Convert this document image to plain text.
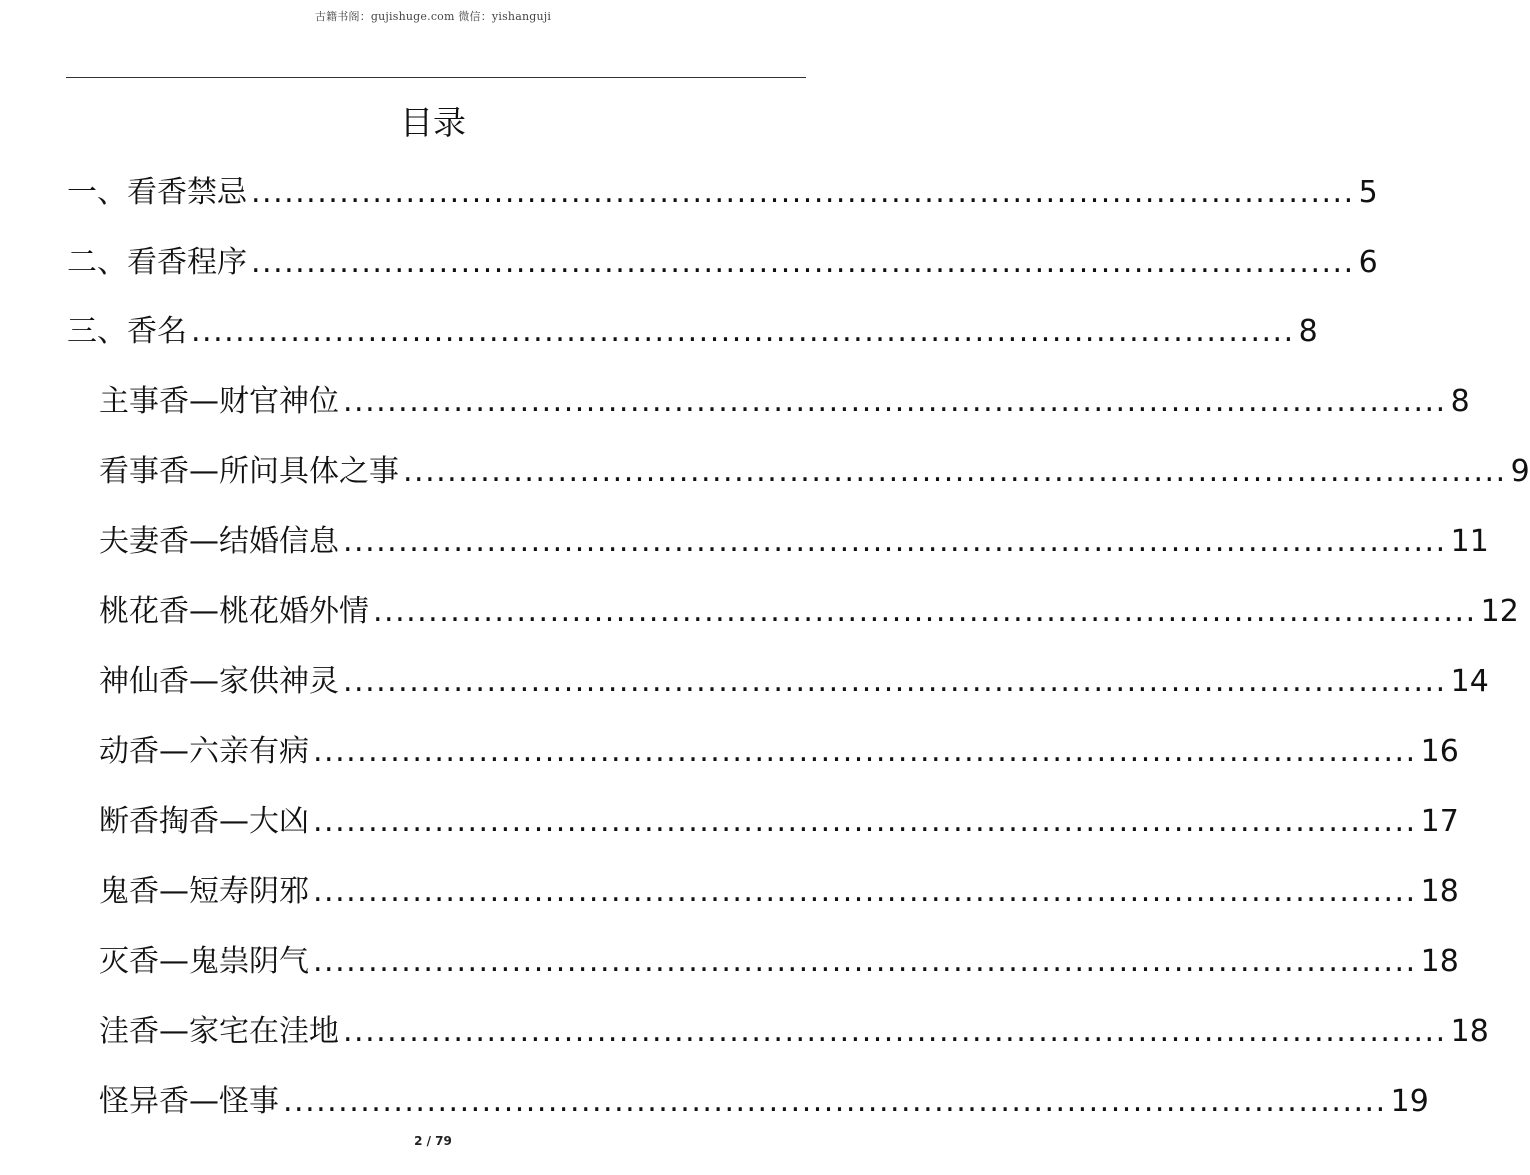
古籍书阁：gujishuge.com 微信：yishanguji
目录
一、看香禁忌 .................................................................................................... 5
二、看香程序 .................................................................................................... 6
三、香名 .................................................................................................... 8
主事香—财官神位 .................................................................................................... 8
看事香—所问具体之事 .................................................................................................... 9
夫妻香—结婚信息 .................................................................................................... 11
桃花香—桃花婚外情 .................................................................................................... 12
神仙香—家供神灵 .................................................................................................... 14
动香—六亲有病 .................................................................................................... 16
断香掏香—大凶 .................................................................................................... 17
鬼香—短寿阴邪 .................................................................................................... 18
灭香—鬼祟阴气 .................................................................................................... 18
洼香—家宅在洼地 .................................................................................................... 18
怪异香—怪事 .................................................................................................... 19
2 / 79
